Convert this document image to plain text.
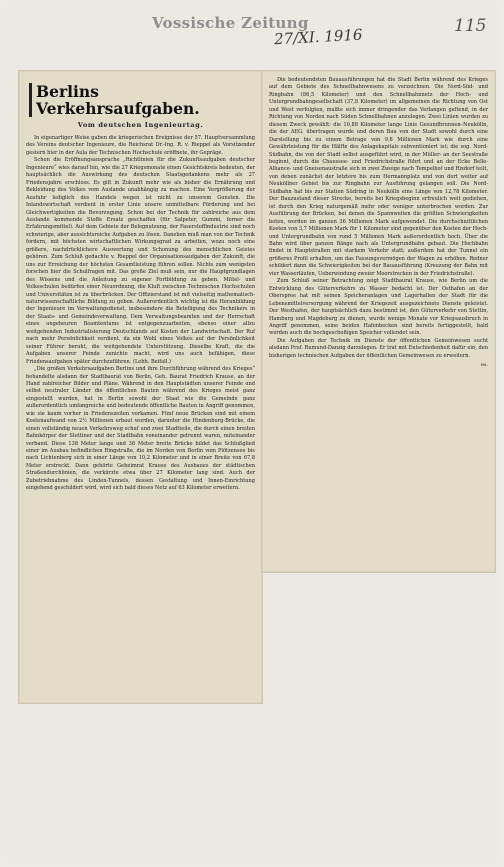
Vossische Zeitung
27/XI. 1916	115
Berlins Verkehrsaufgaben.
Vom deutschen Ingenieurtag.

In eigenartiger Weise gaben die kriegerischen Ereignisse der 57. Hauptversammlung des Vereins deutscher Ingenieure, die Reichsrat Dr.-Ing. R. v. Rieppel als Vorsitzender gestern hier in der Aula der Technischen Hochschule eröffnete, ihr Gepräge.

Schon die Eröffnungsansprache „Richtlinien für die Zukunftsaufgaben deutscher Ingenieure“ wies darauf hin, wie die 27 Kriegsmonate einen Gesichtskreis bedeuten, der hauptsächlich die Auswirkung des deutschen Staatsgedankens mehr als 27 Friedensjahre erschloss. Es gilt in Zukunft mehr wie als bisher die Ernährung und Bekleidung des Volkes vom Auslande unabhängig zu machen. Eine Vergrößerung der Ausfuhr lediglich des Handels wegen ist nicht zu unserem Gunsten. Die Inlandswirtschaft verdient in erster Linie unsere unmittelbare Förderung und bei Gleichwertigkeiten die Bevorzugung. Schon bei der Technik für zahlreiche aus dem Auslande kommende Stoffe Ersatz geschaffen (für Salpeter, Gummi, ferner die Erfahrungsmittel). Auf dem Gebiete der Belegnutzung, der Faserstoffindustrie sind noch schwierige, aber aussichtsreiche Aufgaben zu lösen. Daneben muß man von der Technik fordern, mit höchsten wirtschaftlichen Wirkungsgrad zu arbeiten, wozu noch eine größere, nachdrücklichere Auswertung und Schonung des menschlichen Geistes gehören. Zum Schluß gedachte v. Rieppel der Organisationsaufgaben der Zukunft, die uns zur Erreichung der höchsten Gesamtleistung führen sollen. Nichts zum wenigsten forschen hier die Schulfragen mit. Das große Ziel muß sein, nur die Hauptgrundlagen des Wissens und die Anleitung zu eigener Fortbildung zu geben. Mittel- und Volksschulen bedürfen einer Neuordnung, die Kluft zwischen Technischen Hochschulen und Universitäten ist zu überbrücken. Der Offizierstand ist mit vielseitig mathematisch-naturwissenschaftliche Bildung zu geben. Außerordentlich wichtig ist die Heranbildung der Ingenieure im Verwaltungsdienst, insbesondere die Beteiligung des Technikers in der Staats- und Gemeindeverwaltung. Dem Verwaltungsbeamten und der Herrschaft eines ungeheuren Beamtentums ist entgegenzuarbeiten, ebenso einer allzu weitgehenden Industrialisierung Deutschlands auf Kosten der Landwirtschaft. Der Ruf nach mehr Persönlichkeit verdient, da ein Wohl eines Volkes auf der Persönlichkeit seiner Führer beruht, die weitgehendste Unterstützung. Dieselbe Kraft, die die Aufgaben unserer Feinde zunichte macht, wird uns auch befähigen, diese Friedensaufgaben später durchzuführen. (Lebh. Beifall.)

„Die großen Verkehrsaufgaben Berlins und ihre Durchführung während des Krieges“ behandelte alsdann der Stadtbaurat von Berlin, Geh. Baurat Friedrich Krause, an der Hand zahlreicher Bilder und Pläne. Während in den Hauptstädten unserer Feinde und selbst neutraler Länder die öffentlichen Bauten während des Krieges meist ganz eingestellt wurden, hat in Berlin sowohl der Staat wie die Gemeinde ganz außerordentlich umfangreiche und bedeutende öffentliche Bauten in Angriff genommen, wie sie kaum vorher in Friedenszeiten vorkamen. Fünf neue Brücken sind mit einem Kostenaufwand von 2½ Millionen erbaut worden, darunter die Hindenburg-Brücke, die einen vollständig neuen Verkehrsweg schuf und zwei Stadtteile, die durch einen breiten Bahnkörper der Stettiner und der Stadtbahn voneinander getrennt waren, miteinander verband. Diese 138 Meter lange und 38 Meter breite Brücke bildet das Schlußglied einer im Ausbau befindlichen Ringstraße, die im Norden von Berlin vom Plötzensee bis nach Lichtenberg sich in einer Länge von 10,2 Kilometer und in einer Breite von 67,8 Meter erstreckt. Dann gehörte Geheimrat Krause des Ausbaues der städtischen Straßendurchlinien, die verkürzte etwa über 27 Kilometer lang sind. Auch der Zubetriebnahme des Linden-Tunnels, dessen Gestaltung und Innen-Einrichtung eingehend geschildert wird, wird sich bald dieses Netz auf 63 Kilometer erweitern.

Die bedeutendsten Bauausführungen hat die Stadt Berlin während des Krieges auf dem Gebiete des Schnellbahnwesens zu verzeichnen. Die Nord-Süd- und Ringbahn (86,5 Kilometer) und den Schnellbahnnetz der Hoch- und Untergrundbahngesellschaft (37,8 Kilometer) im allgemeinen die Richtung von Ost und West verfolgten, mußte sich immer dringender das Verlangen geltend, in der Richtung von Norden nach Süden Schnellbahnen anzulegen. Zwei Linien wurden zu diesem Zweck gewählt: die 10,88 Kilometer lange Linie Gesundbrunnen–Neukölln, die der AEG. übertragen wurde und deren Bau von der Stadt sowohl durch eine Darstellung bis zu einem Betrage von 9,8 Millionen Mark wie durch eine Gewährleistung für die Hälfte des Anlagekapitals subventioniert ist; die sog. Nord-Südbahn, die von der Stadt selbst ausgeführt wird, in der Müller- an der Seestraße beginnt, durch die Chaussee- und Friedrichstraße führt und an der Ecke Belle-Alliance- und Gneisenaustraße sich in zwei Zweige nach Tempelhof und Rixdorf teilt, von denen zunächst der letztere bis zum Hermannplatz und von dort weiter auf Neuköllner Gebiet bis zur Ringbahn zur Ausführung gelangen soll. Die Nord-Südbahn hat bis zur Station Südring in Neukölln eine Länge von 12,78 Kilometer. Der Bauzustand dieser Strecke, bereits bei Kriegsbeginn erfreulich weit gediehen, ist durch den Krieg naturgemäß mehr oder weniger unterbrochen worden. Zur Ausführung der Brücken, bei denen die Spannweiten die größten Schwierigkeiten boten, werden im ganzen 36 Millionen Mark aufgewendet. Die durchschnittlichen Kosten von 3,7 Millionen Mark für 1 Kilometer sind gegenüber den Kosten der Hoch- und Untergrundbahn von rund 5 Millionen Mark außerordentlich hoch. Über die Bahn wird über ganzen Bänge nach als Untergrundbahn gebaut. Die Hochbahn findet in Hauptstraßen mit starkem Verkehr statt; außerdem hat der Tunnel ein größeres Profil erhalten, um das Fassungsvermögen der Wagen zu erhöhen. Redner schildert dann die Schwierigkeiten bei der Bauausführung (Kreuzung der Bahn mit vier Wasserläufen, Ueberwindung zweier Moorstrecken in der Friedrichstraße).

Zum Schluß seiner Betrachtung zeigt Stadtbaurat Krause, wie Berlin um die Entwicklung des Güterverkehrs zu Wasser bedacht ist. Der Osthafen an der Oberspree hat mit seinen Speicheranlagen und Lagerhallen der Stadt für die Lebensmittelversorgung während der Kriegszeit ausgezeichnete Dienste geleistet. Der Westhafen, der hauptsächlich dazu bestimmt ist, den Güterverkehr von Stettin, Hamburg und Magdeburg zu dienen, wurde wenige Monate vor Kriegsausbruch in Angriff genommen, seine beiden Hafenbecken sind bereits fertiggestellt, bald werden auch die hochgeschoßigen Speicher vollendet sein.

Die Aufgaben der Technik im Dienste der öffentlichen Gemeinwesen sucht alsdann Prof. Rumund-Danzig darzulegen. Er trat mit Entschiedenheit dafür ein, den bisherigen technischen Aufgaben der öffentlichen Gemeinwesen zu erweitern.

es.
